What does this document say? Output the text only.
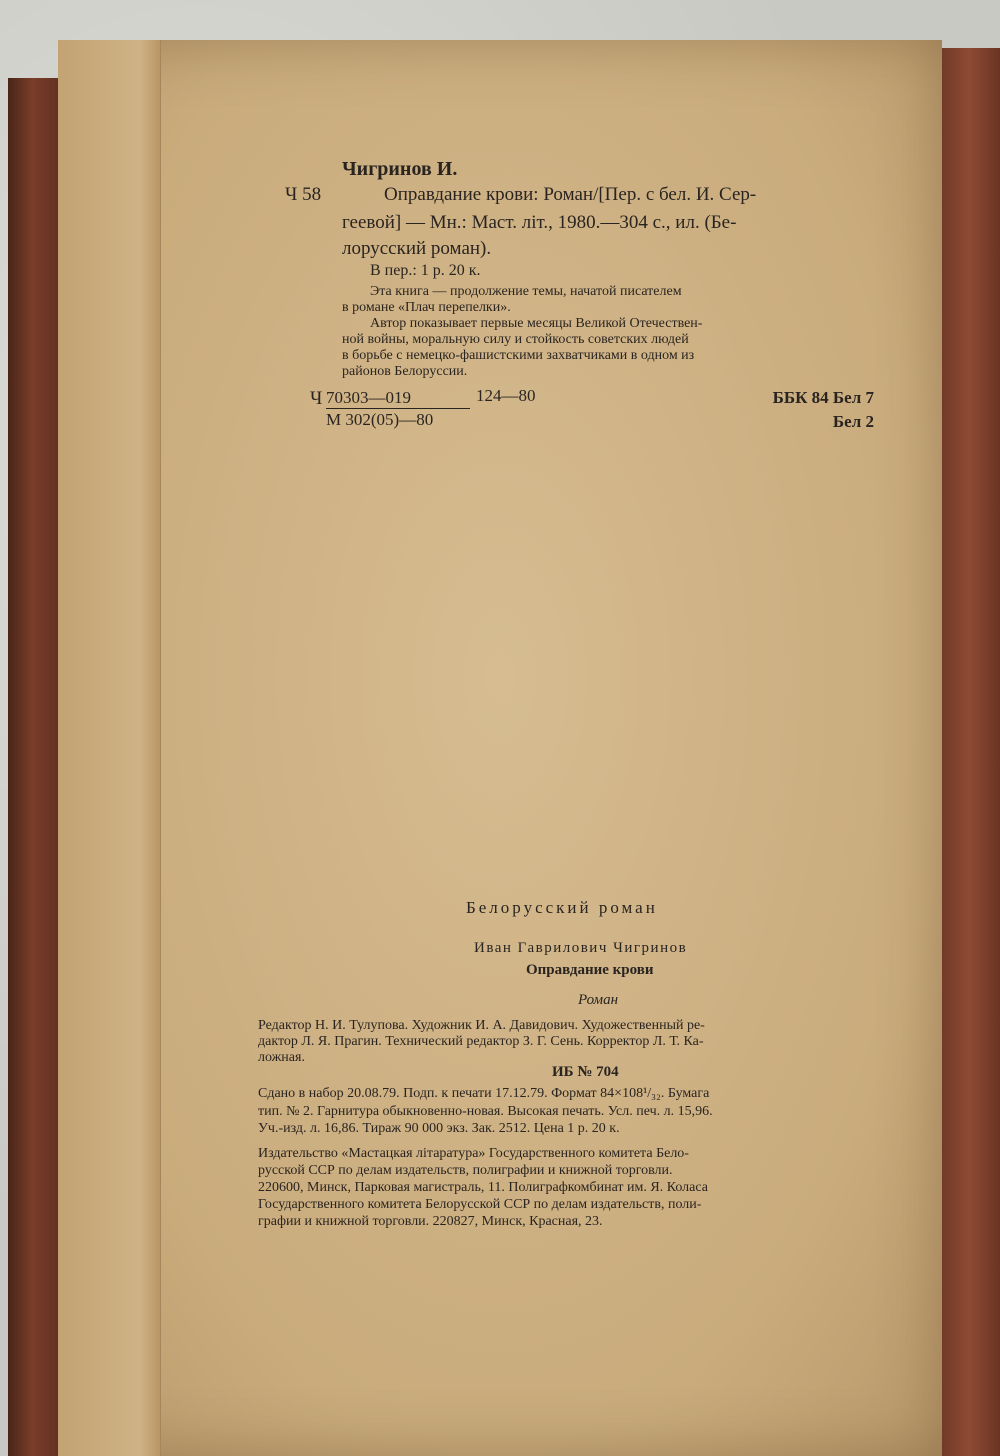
Чигринов И.
Ч 58	Оправдание крови: Роман/[Пер. с бел. И. Сер-
геевой] — Мн.: Маст. літ., 1980.—304 с., ил. (Бе-
лорусский роман).
В пер.: 1 р. 20 к.
Эта книга — продолжение темы, начатой писателем
в романе «Плач перепелки».
Автор показывает первые месяцы Великой Отечествен-
ной войны, моральную силу и стойкость советских людей
в борьбе с немецко-фашистскими захватчиками в одном из
районов Белоруссии.
Ч 70303—019
М 302(05)—80
124—80	ББК 84 Бел 7
Бел 2
Белорусский роман
Иван Гаврилович Чигринов
Оправдание крови
Роман
Редактор Н. И. Тулупова. Художник И. А. Давидович. Художественный ре-
дактор Л. Я. Прагин. Технический редактор З. Г. Сень. Корректор Л. Т. Ка-
ложная.
ИБ № 704
Сдано в набор 20.08.79. Подп. к печати 17.12.79. Формат 84×108¹/₃₂. Бумага
тип. № 2. Гарнитура обыкновенно-новая. Высокая печать. Усл. печ. л. 15,96.
Уч.-изд. л. 16,86. Тираж 90 000 экз. Зак. 2512. Цена 1 р. 20 к.
Издательство «Мастацкая літаратура» Государственного комитета Бело-
русской ССР по делам издательств, полиграфии и книжной торговли.
220600, Минск, Парковая магистраль, 11. Полиграфкомбинат им. Я. Коласа
Государственного комитета Белорусской ССР по делам издательств, поли-
графии и книжной торговли. 220827, Минск, Красная, 23.
